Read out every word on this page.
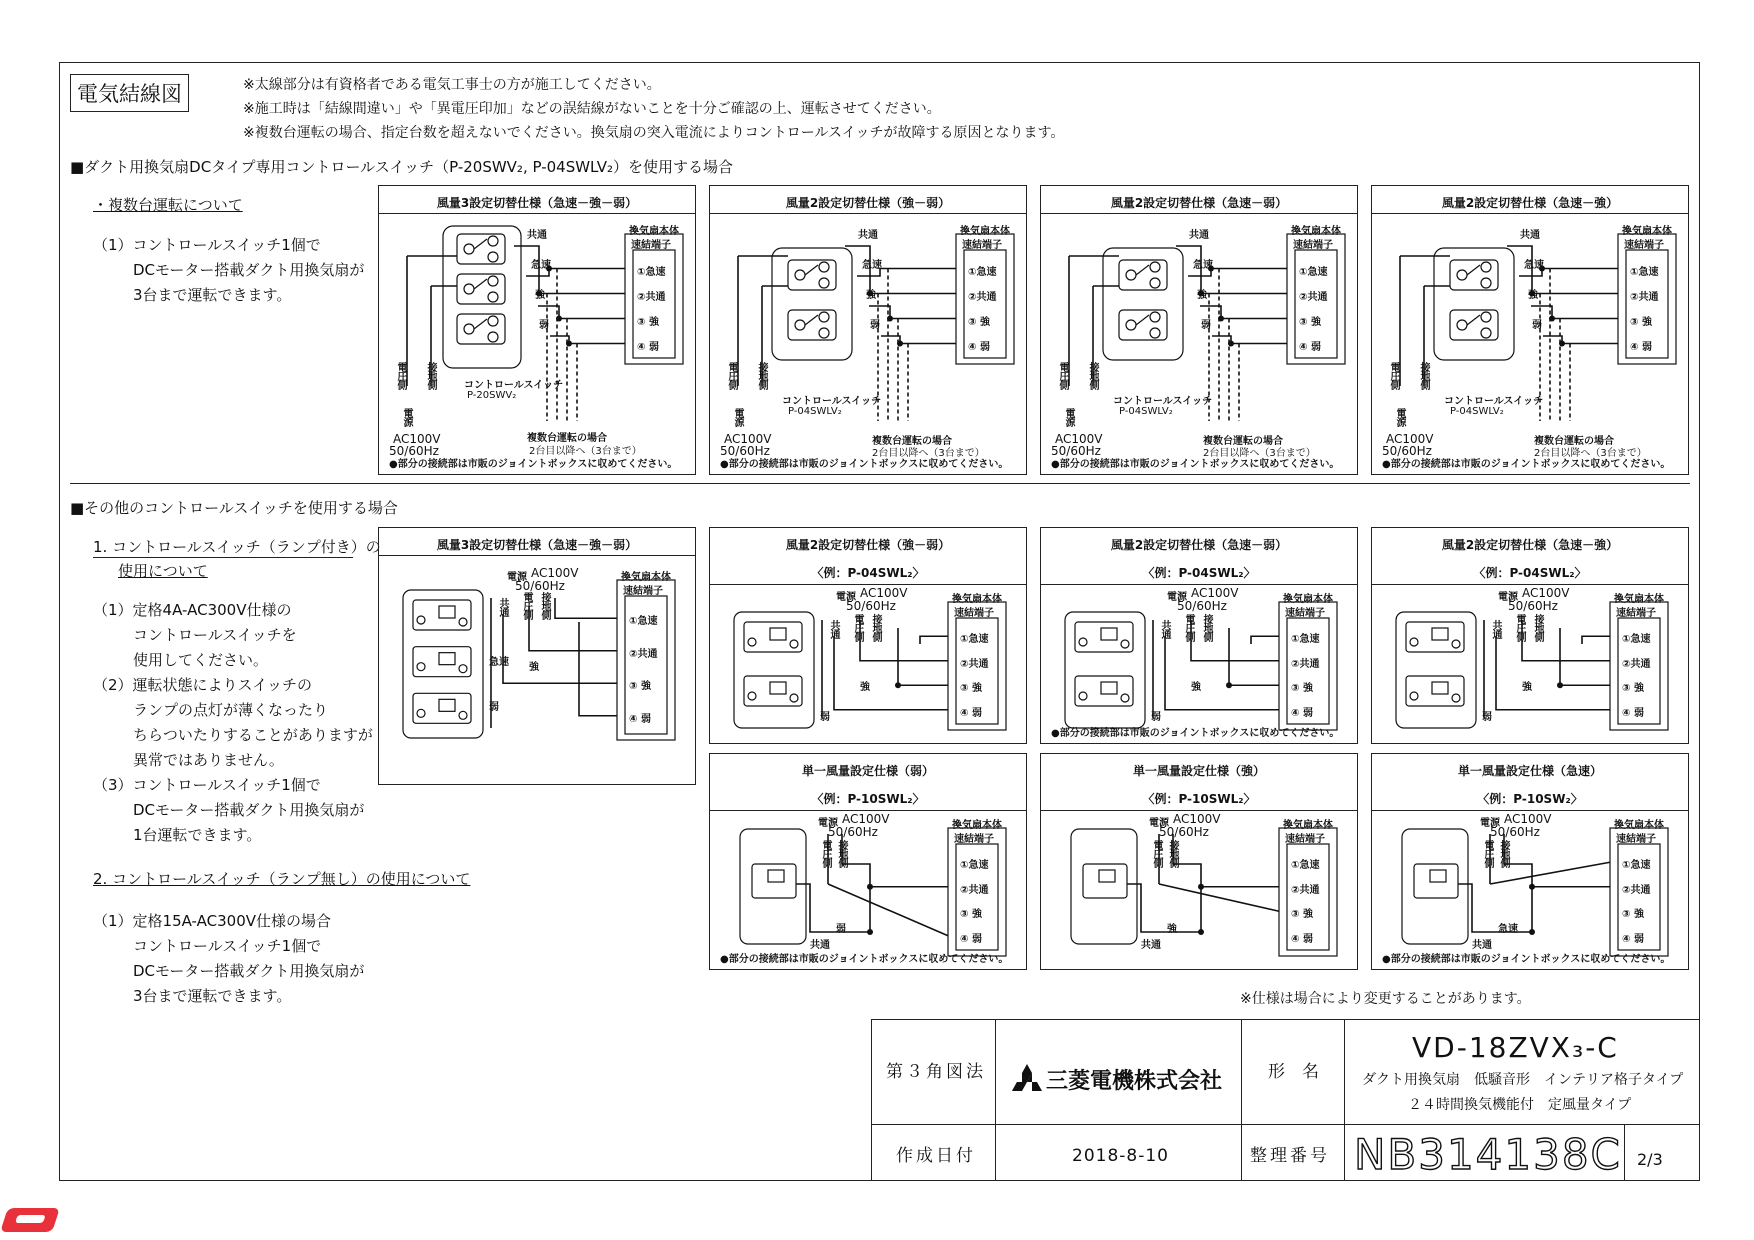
電気結線図	※太線部分は有資格者である電気工事士の方が施工してください。
※施工時は「結線間違い」や「異電圧印加」などの誤結線がないことを十分ご確認の上、運転させてください。
※複数台運転の場合、指定台数を超えないでください。換気扇の突入電流によりコントロールスイッチが故障する原因となります。
■ダクト用換気扇DCタイプ専用コントロールスイッチ（P-20SWV₂, P-04SWLV₂）を使用する場合
・複数台運転について
（1）コントロールスイッチ1個で
DCモーター搭載ダクト用換気扇が
3台まで運転できます。
風量3設定切替仕様（急速－強－弱）
コントロールスイッチ
P-20SWV₂
AC100V
50/60Hz
複数台運転の場合
2台目以降へ（3台まで）
●部分の接続部は市販のジョイントボックスに収めてください。
換気扇本体
速結端子
①急速
②共通
③ 強
④ 弱
共通
急速
強
弱
電圧側 接地側
電源
風量2設定切替仕様（強－弱）
コントロールスイッチ
P-04SWLV₂
AC100V
50/60Hz
複数台運転の場合
2台目以降へ（3台まで）
●部分の接続部は市販のジョイントボックスに収めてください。
換気扇本体
速結端子
①急速
②共通
③ 強
④ 弱
共通
急速
強
弱
電圧側 接地側
電源
風量2設定切替仕様（急速－弱）
コントロールスイッチ
P-04SWLV₂
AC100V
50/60Hz
複数台運転の場合
2台目以降へ（3台まで）
●部分の接続部は市販のジョイントボックスに収めてください。
換気扇本体
速結端子
①急速
②共通
③ 強
④ 弱
共通
急速
強
弱
電圧側 接地側
電源
風量2設定切替仕様（急速－強）
コントロールスイッチ
P-04SWLV₂
AC100V
50/60Hz
複数台運転の場合
2台目以降へ（3台まで）
●部分の接続部は市販のジョイントボックスに収めてください。
換気扇本体
速結端子
①急速
②共通
③ 強
④ 弱
共通
急速
強
弱
電圧側 接地側
電源
■その他のコントロールスイッチを使用する場合
1. コントロールスイッチ（ランプ付き）の
使用について
（1）定格4A-AC300V仕様の
コントロールスイッチを
使用してください。
（2）運転状態によりスイッチの
ランプの点灯が薄くなったり
ちらついたりすることがありますが
異常ではありません。
（3）コントロールスイッチ1個で
DCモーター搭載ダクト用換気扇が
1台運転できます。
2. コントロールスイッチ（ランプ無し）の使用について
（1）定格15A-AC300V仕様の場合
コントロールスイッチ1個で
DCモーター搭載ダクト用換気扇が
3台まで運転できます。
風量3設定切替仕様（急速－強－弱）
電源 AC100V
50/60Hz
換気扇本体
速結端子
①急速
②共通
③ 強
④ 弱
共通 電圧側 接地側
急速 強
弱
風量2設定切替仕様（強－弱）
〈例：P-04SWL₂〉
電源 AC100V
50/60Hz	換気扇本体
速結端子
①急速
②共通
③ 強
④ 弱
共通 電圧側 接地側
強
弱
風量2設定切替仕様（急速－弱）
〈例：P-04SWL₂〉
電源 AC100V
50/60Hz
●部分の接続部は市販のジョイントボックスに収めてください。
換気扇本体
速結端子
①急速
②共通
③ 強
④ 弱
共通 電圧側 接地側
強
弱
風量2設定切替仕様（急速－強）
〈例：P-04SWL₂〉
電源 AC100V
50/60Hz	換気扇本体
速結端子
①急速
②共通
③ 強
④ 弱
共通 電圧側 接地側
強
弱
単一風量設定仕様（弱）
〈例：P-10SWL₂〉
電源 AC100V
50/60Hz
●部分の接続部は市販のジョイントボックスに収めてください。
換気扇本体
速結端子
①急速
②共通
③ 強
④ 弱
電圧側 接地側
共通
弱
単一風量設定仕様（強）
〈例：P-10SWL₂〉
電源 AC100V
50/60Hz	換気扇本体
速結端子
①急速
②共通
③ 強
④ 弱
電圧側 接地側
共通
強
単一風量設定仕様（急速）
〈例：P-10SW₂〉
電源 AC100V
50/60Hz
●部分の接続部は市販のジョイントボックスに収めてください。
換気扇本体
速結端子
①急速
②共通
③ 強
④ 弱
電圧側 接地側
共通
急速
※仕様は場合により変更することがあります。
第３角図法	三菱電機株式会社	形　名
VD-18ZVX₃-C
ダクト用換気扇　低騒音形　インテリア格子タイプ
２４時間換気機能付　定風量タイプ
作成日付	2018-8-10	整理番号 NB314138C 2/3
